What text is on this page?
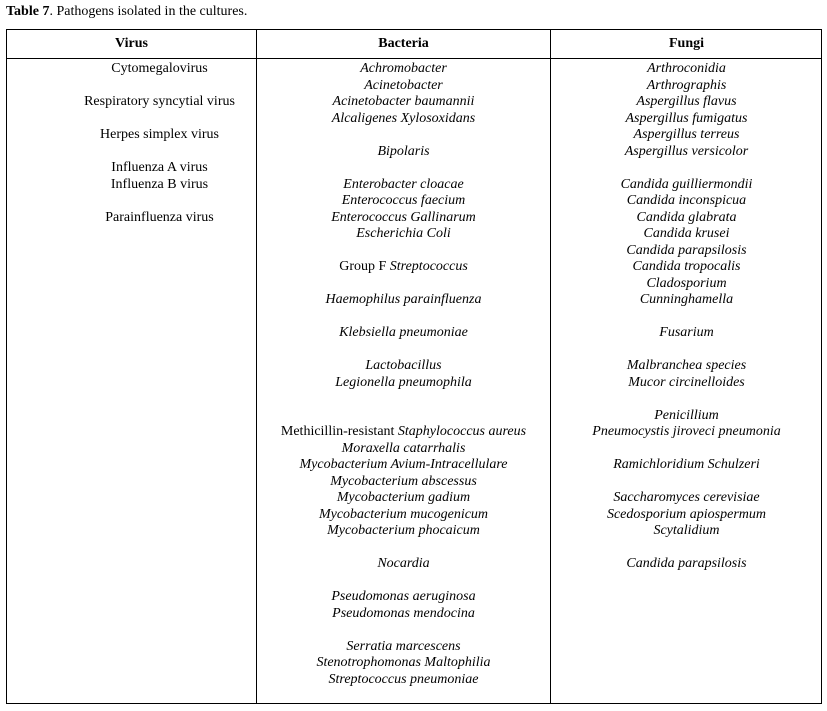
Table 7. Pathogens isolated in the cultures.
Virus	Bacteria	Fungi
Cytomegalovirus
Respiratory syncytial virus
Herpes simplex virus
Influenza A virus
Influenza B virus
Parainfluenza virus
Achromobacter
Acinetobacter
Acinetobacter baumannii
Alcaligenes Xylosoxidans
Bipolaris
Enterobacter cloacae
Enterococcus faecium
Enterococcus Gallinarum
Escherichia Coli
Group F Streptococcus
Haemophilus parainfluenza
Klebsiella pneumoniae
Lactobacillus
Legionella pneumophila
Methicillin-resistant Staphylococcus aureus
Moraxella catarrhalis
Mycobacterium Avium-Intracellulare
Mycobacterium abscessus
Mycobacterium gadium
Mycobacterium mucogenicum
Mycobacterium phocaicum
Nocardia
Pseudomonas aeruginosa
Pseudomonas mendocina
Serratia marcescens
Stenotrophomonas Maltophilia
Streptococcus pneumoniae
Arthroconidia
Arthrographis
Aspergillus flavus
Aspergillus fumigatus
Aspergillus terreus
Aspergillus versicolor
Candida guilliermondii
Candida inconspicua
Candida glabrata
Candida krusei
Candida parapsilosis
Candida tropocalis
Cladosporium
Cunninghamella
Fusarium
Malbranchea species
Mucor circinelloides
Penicillium
Pneumocystis jiroveci pneumonia
Ramichloridium Schulzeri
Saccharomyces cerevisiae
Scedosporium apiospermum
Scytalidium
Candida parapsilosis
